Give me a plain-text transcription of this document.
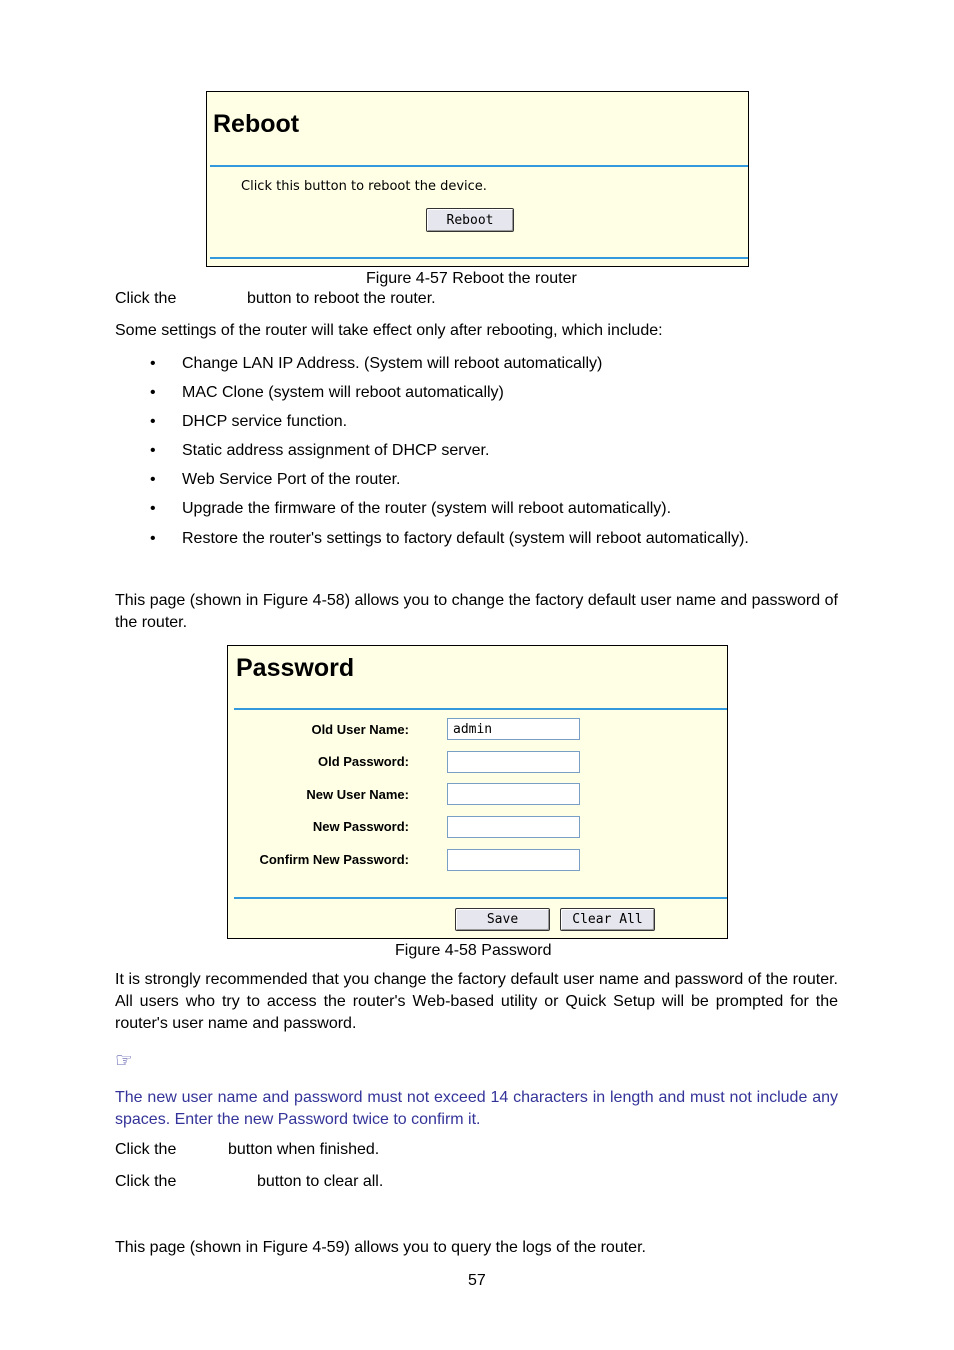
Reboot
Click this button to reboot the device.
Reboot
Figure 4-57 Reboot the router
Click the	button to reboot the router.
Some settings of the router will take effect only after rebooting, which include:
• Change LAN IP Address. (System will reboot automatically)
• MAC Clone (system will reboot automatically)
• DHCP service function.
• Static address assignment of DHCP server.
• Web Service Port of the router.
• Upgrade the firmware of the router (system will reboot automatically).
• Restore the router's settings to factory default (system will reboot automatically).
This page (shown in Figure 4-58) allows you to change the factory default user name and password of the router.
Password
Old User Name:
admin
Old Password:
New User Name:
New Password:
Confirm New Password:
Save	Clear All
Figure 4-58 Password
It is strongly recommended that you change the factory default user name and password of the router. All users who try to access the router's Web-based utility or Quick Setup will be prompted for the router's user name and password.
☞
The new user name and password must not exceed 14 characters in length and must not include any spaces. Enter the new Password twice to confirm it.
Click the	button when finished.
Click the	button to clear all.
This page (shown in Figure 4-59) allows you to query the logs of the router.
57
